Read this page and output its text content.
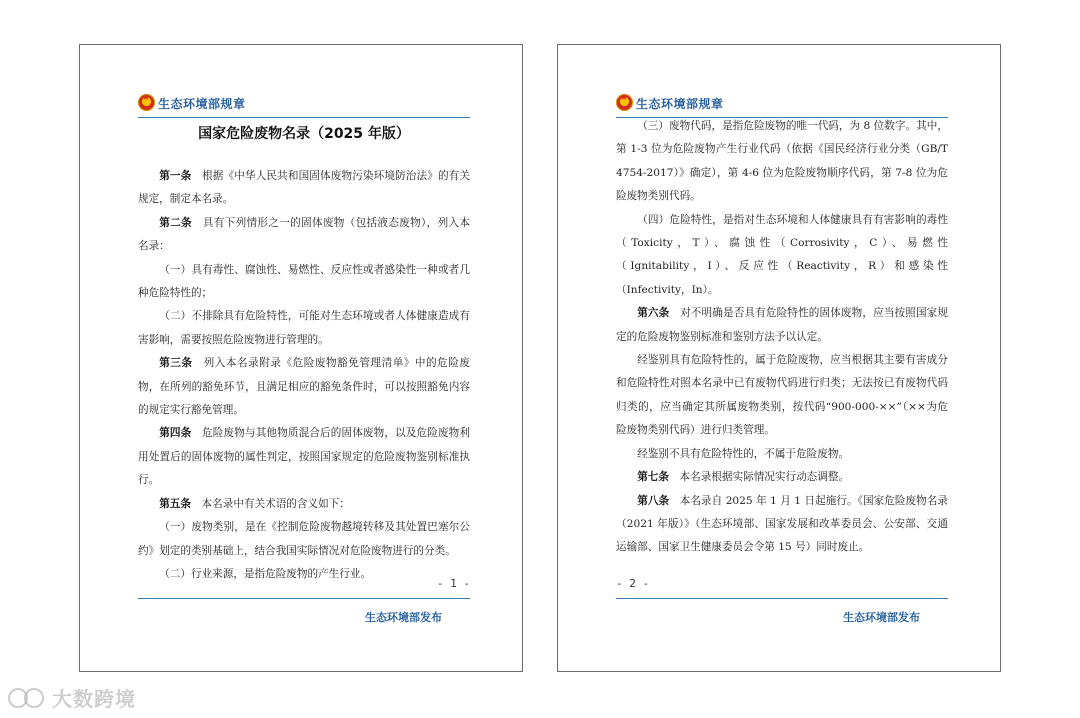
★
生态环境部规章
国家危险废物名录（2025 年版）

第一条　根据《中华人民共和国固体废物污染环境防治法》的有关规定，制定本名录。

第二条　具有下列情形之一的固体废物（包括液态废物），列入本名录：

（一）具有毒性、腐蚀性、易燃性、反应性或者感染性一种或者几种危险特性的；

（二）不排除具有危险特性，可能对生态环境或者人体健康造成有害影响，需要按照危险废物进行管理的。

第三条　列入本名录附录《危险废物豁免管理清单》中的危险废物，在所列的豁免环节，且满足相应的豁免条件时，可以按照豁免内容的规定实行豁免管理。

第四条　危险废物与其他物质混合后的固体废物，以及危险废物利用处置后的固体废物的属性判定，按照国家规定的危险废物鉴别标准执行。

第五条　本名录中有关术语的含义如下：

（一）废物类别，是在《控制危险废物越境转移及其处置巴塞尔公约》划定的类别基础上，结合我国实际情况对危险废物进行的分类。

（二）行业来源，是指危险废物的产生行业。

- 1 -
生态环境部发布
★
生态环境部规章

（三）废物代码，是指危险废物的唯一代码，为 8 位数字。其中，第 1-3 位为危险废物产生行业代码（依据《国民经济行业分类（GB/T 4754-2017）》确定），第 4-6 位为危险废物顺序代码，第 7-8 位为危险废物类别代码。

（四）危险特性，是指对生态环境和人体健康具有有害影响的毒性（Toxicity，T）、腐蚀性（Corrosivity，C）、易燃性（Ignitability，I）、反应性（Reactivity，R）和感染性（Infectivity，In）。

第六条　对不明确是否具有危险特性的固体废物，应当按照国家规定的危险废物鉴别标准和鉴别方法予以认定。

经鉴别具有危险特性的，属于危险废物，应当根据其主要有害成分和危险特性对照本名录中已有废物代码进行归类；无法按已有废物代码归类的，应当确定其所属废物类别，按代码“900-000-××”（××为危险废物类别代码）进行归类管理。

经鉴别不具有危险特性的，不属于危险废物。

第七条　本名录根据实际情况实行动态调整。

第八条　本名录自 2025 年 1 月 1 日起施行。《国家危险废物名录（2021 年版）》（生态环境部、国家发展和改革委员会、公安部、交通运输部、国家卫生健康委员会令第 15 号）同时废止。

- 2 -
生态环境部发布
大数跨境
